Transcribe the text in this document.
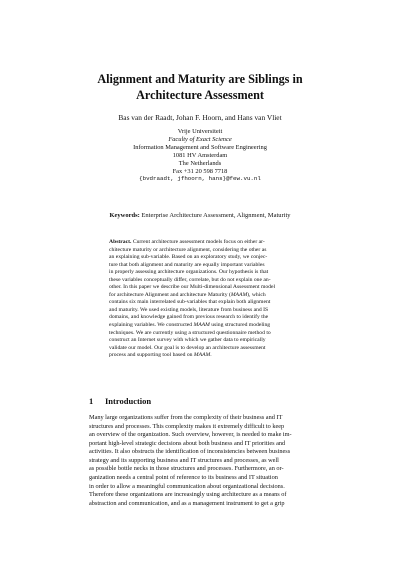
Alignment and Maturity are Siblings in
Architecture Assessment
Bas van der Raadt, Johan F. Hoorn, and Hans van Vliet
Vrije Universiteit
Faculty of Exact Science
Information Management and Software Engineering
1081 HV Amsterdam
The Netherlands
Fax +31 20 598 7718
{bvdraadt, jfhoorn, hans}@few.vu.nl
Keywords: Enterprise Architecture Assessment, Alignment, Maturity
Abstract. Current architecture assessment models focus on either ar-
chitecture maturity or architecture alignment, considering the other as
an explaining sub-variable. Based on an exploratory study, we conjec-
ture that both alignment and maturity are equally important variables
in properly assessing architecture organizations. Our hypothesis is that
these variables conceptually differ, correlate, but do not explain one an-
other. In this paper we describe our Multi-dimensional Assessment model
for architecture Alignment and architecture Maturity (MAAM), which
contains six main interrelated sub-variables that explain both alignment
and maturity. We used existing models, literature from business and IS
domains, and knowledge gained from previous research to identify the
explaining variables. We constructed MAAM using structured modeling
techniques. We are currently using a structured questionnaire method to
construct an Internet survey with which we gather data to empirically
validate our model. Our goal is to develop an architecture assessment
process and supporting tool based on MAAM.
1 Introduction
Many large organizations suffer from the complexity of their business and IT
structures and processes. This complexity makes it extremely difficult to keep
an overview of the organization. Such overview, however, is needed to make im-
portant high-level strategic decisions about both business and IT priorities and
activities. It also obstructs the identification of inconsistencies between business
strategy and its supporting business and IT structures and processes, as well
as possible bottle necks in those structures and processes. Furthermore, an or-
ganization needs a central point of reference to its business and IT situation
in order to allow a meaningful communication about organizational decisions.
Therefore these organizations are increasingly using architecture as a means of
abstraction and communication, and as a management instrument to get a grip
